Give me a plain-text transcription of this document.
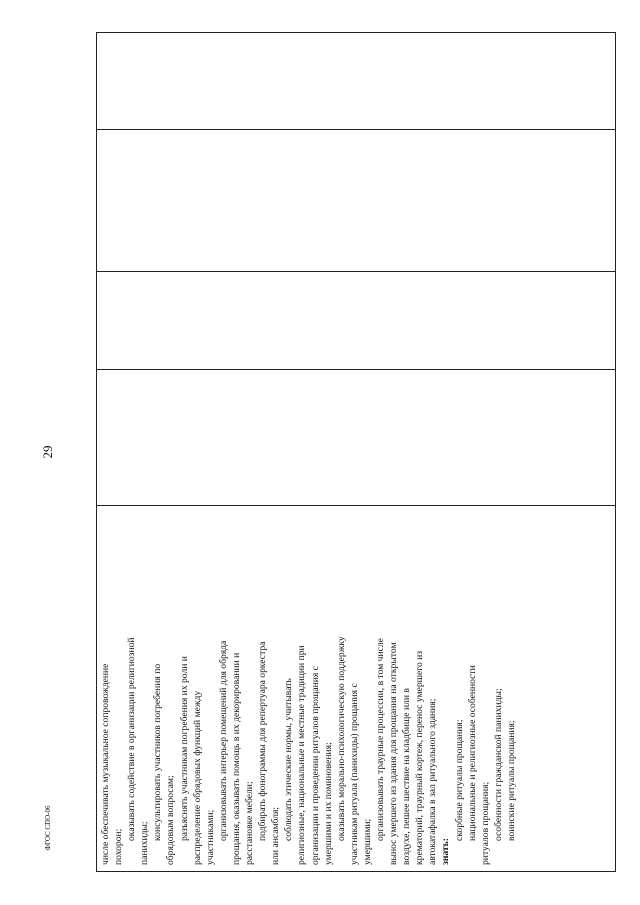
29
числе обеспечивать музыкальное сопровождение похорон;
оказывать содействие в организации религиозной
панихиды;
консультировать участников погребения по обрядовым вопросам; разъяснять участникам погребения их роли и распределение обрядовых функций между участниками; организовывать интерьер помещений для обряда прощания, оказывать помощь в их декорировании и расстановке мебели; подбирать фонограммы для репертуара оркестра или ансамбля; соблюдать этические нормы, учитывать религиозные, национальные и местные традиции при организации и проведении ритуалов прощания с умершими и их поминовения; оказывать морально-психологическую поддержку участникам ритуала (панихиды) прощания с умершими;
организовывать траурные процессии, в том числе вынос умершего из здания для прощания на открытом воздухе, пешее шествие на кладбище или в крематорий, траурный кортеж, перенос умершего из автокатафалка в зал ритуального здания; знать:
скорбные ритуалы прощания; национальные и религиозные особенности ритуалов прощания; особенности гражданской панихиды; воинские ритуалы прощания;
ФГОС СПО-06
